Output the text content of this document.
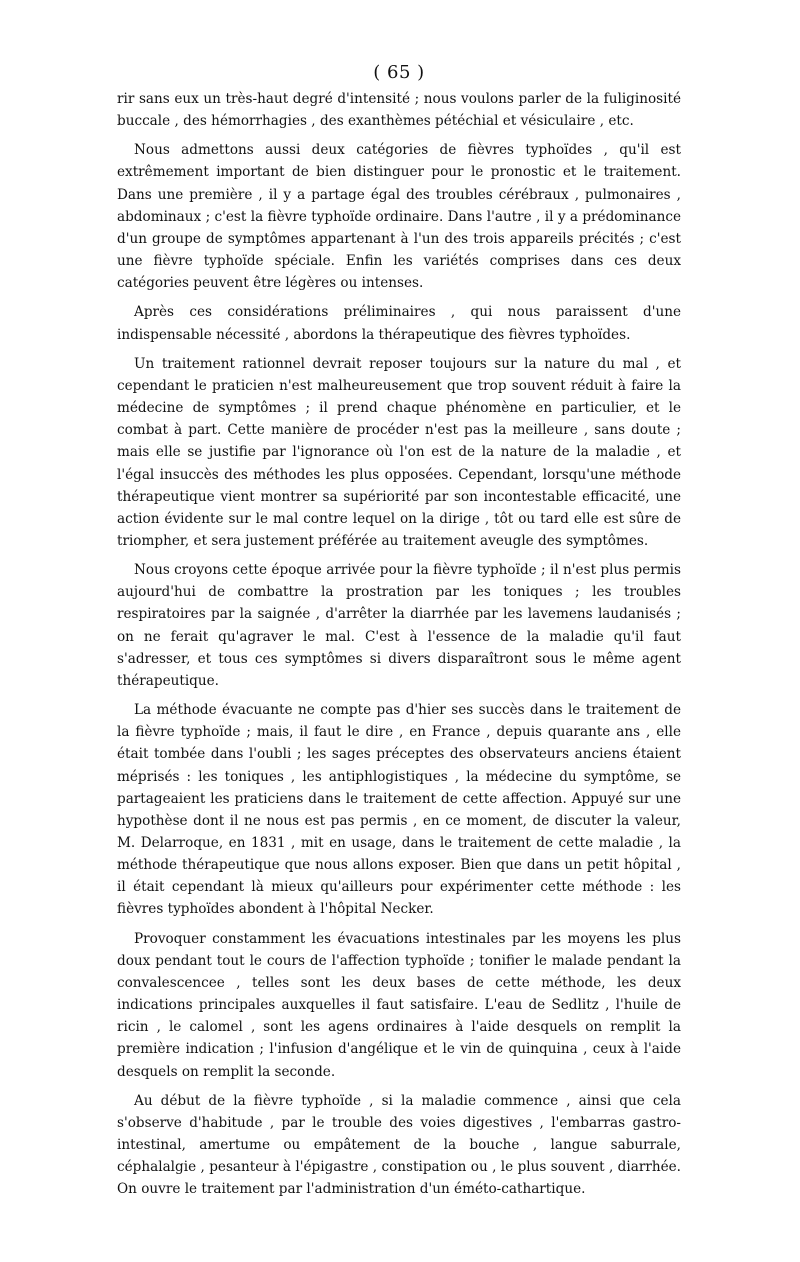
( 65 )

rir sans eux un très-haut degré d'intensité ; nous voulons parler de la fuliginosité buccale , des hémorrhagies , des exanthèmes pétéchial et vésiculaire , etc.

Nous admettons aussi deux catégories de fièvres typhoïdes , qu'il est extrêmement important de bien distinguer pour le pronostic et le traitement. Dans une première , il y a partage égal des troubles cérébraux , pulmonaires , abdominaux ; c'est la fièvre typhoïde ordinaire. Dans l'autre , il y a prédominance d'un groupe de symptômes appartenant à l'un des trois appareils précités ; c'est une fièvre typhoïde spéciale. Enfin les variétés comprises dans ces deux catégories peuvent être légères ou intenses.

Après ces considérations préliminaires , qui nous paraissent d'une indispensable nécessité , abordons la thérapeutique des fièvres typhoïdes.

Un traitement rationnel devrait reposer toujours sur la nature du mal , et cependant le praticien n'est malheureusement que trop souvent réduit à faire la médecine de symptômes ; il prend chaque phénomène en particulier, et le combat à part. Cette manière de procéder n'est pas la meilleure , sans doute ; mais elle se justifie par l'ignorance où l'on est de la nature de la maladie , et l'égal insuccès des méthodes les plus opposées. Cependant, lorsqu'une méthode thérapeutique vient montrer sa supériorité par son incontestable efficacité, une action évidente sur le mal contre lequel on la dirige , tôt ou tard elle est sûre de triompher, et sera justement préférée au traitement aveugle des symptômes.

Nous croyons cette époque arrivée pour la fièvre typhoïde ; il n'est plus permis aujourd'hui de combattre la prostration par les toniques ; les troubles respiratoires par la saignée , d'arrêter la diarrhée par les lavemens laudanisés ; on ne ferait qu'agraver le mal. C'est à l'essence de la maladie qu'il faut s'adresser, et tous ces symptômes si divers disparaîtront sous le même agent thérapeutique.

La méthode évacuante ne compte pas d'hier ses succès dans le traitement de la fièvre typhoïde ; mais, il faut le dire , en France , depuis quarante ans , elle était tombée dans l'oubli ; les sages préceptes des observateurs anciens étaient méprisés : les toniques , les antiphlogistiques , la médecine du symptôme, se partageaient les praticiens dans le traitement de cette affection. Appuyé sur une hypothèse dont il ne nous est pas permis , en ce moment, de discuter la valeur, M. Delarroque, en 1831 , mit en usage, dans le traitement de cette maladie , la méthode thérapeutique que nous allons exposer. Bien que dans un petit hôpital , il était cependant là mieux qu'ailleurs pour expérimenter cette méthode : les fièvres typhoïdes abondent à l'hôpital Necker.

Provoquer constamment les évacuations intestinales par les moyens les plus doux pendant tout le cours de l'affection typhoïde ; tonifier le malade pendant la convalescencee , telles sont les deux bases de cette méthode, les deux indications principales auxquelles il faut satisfaire. L'eau de Sedlitz , l'huile de ricin , le calomel , sont les agens ordinaires à l'aide desquels on remplit la première indication ; l'infusion d'angélique et le vin de quinquina , ceux à l'aide desquels on remplit la seconde.

Au début de la fièvre typhoïde , si la maladie commence , ainsi que cela s'observe d'habitude , par le trouble des voies digestives , l'embarras gastro-intestinal, amertume ou empâtement de la bouche , langue saburrale, céphalalgie , pesanteur à l'épigastre , constipation ou , le plus souvent , diarrhée. On ouvre le traitement par l'administration d'un éméto-cathartique.
